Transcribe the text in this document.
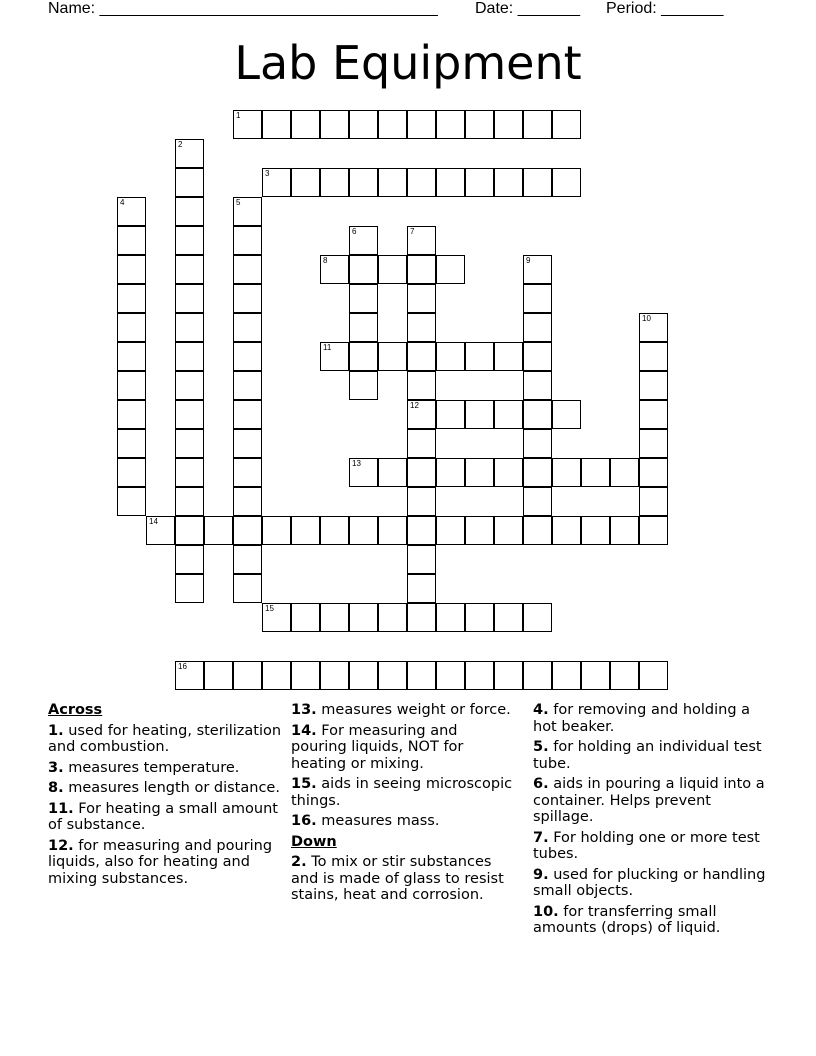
Name: ______________________________________ Date: _______ Period: _______
Lab Equipment
1
2
3
4	5
6	7
12
8	9
10
11
13
14
15
16
Across
1. used for heating, sterilization and combustion.
3. measures temperature.
8. measures length or distance.
11. For heating a small amount of substance.
12. for measuring and pouring liquids, also for heating and mixing substances.
13. measures weight or force.
14. For measuring and pouring liquids, NOT for heating or mixing.
15. aids in seeing microscopic things.
16. measures mass.
Down
2. To mix or stir substances and is made of glass to resist stains, heat and corrosion.
4. for removing and holding a hot beaker.
5. for holding an individual test tube.
6. aids in pouring a liquid into a container. Helps prevent spillage.
7. For holding one or more test tubes.
9. used for plucking or handling small objects.
10. for transferring small amounts (drops) of liquid.
